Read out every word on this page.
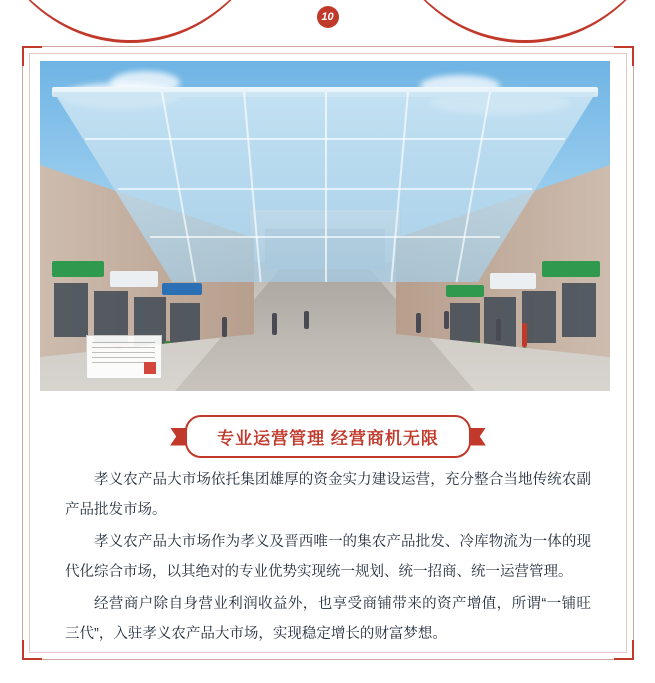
10
专业运营管理 经营商机无限

孝义农产品大市场依托集团雄厚的资金实力建设运营，充分整合当地传统农副产品批发市场。

孝义农产品大市场作为孝义及晋西唯一的集农产品批发、冷库物流为一体的现代化综合市场，以其绝对的专业优势实现统一规划、统一招商、统一运营管理。

经营商户除自身营业利润收益外，也享受商铺带来的资产增值，所谓“一铺旺三代”，入驻孝义农产品大市场，实现稳定增长的财富梦想。
